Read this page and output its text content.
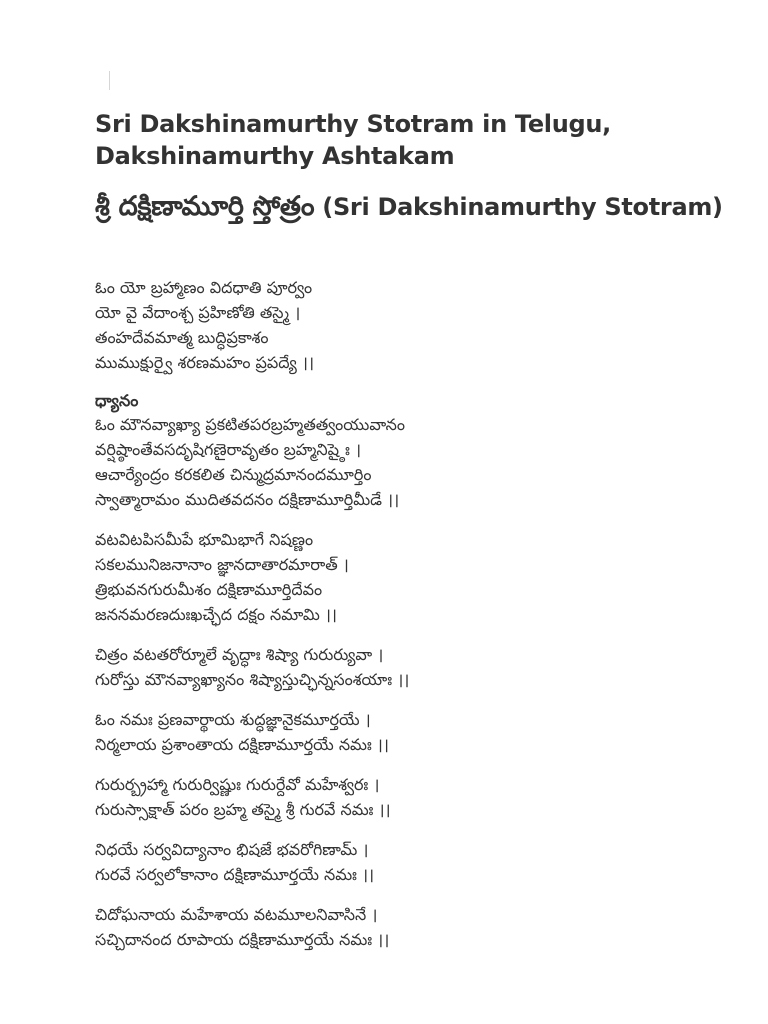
Sri Dakshinamurthy Stotram in Telugu, Dakshinamurthy Ashtakam
శ్రీ దక్షిణామూర్తి స్తోత్రం (Sri Dakshinamurthy Stotram)
ఓం యో బ్రహ్మాణం విదధాతి పూర్వం
యో వై వేదాంశ్చ ప్రహిణోతి తస్మై ।
తంహదేవమాత్మ బుద్ధిప్రకాశం
ముముక్షుర్వై శరణమహం ప్రపద్యే ।।
ధ్యానం
ఓం మౌనవ్యాఖ్యా ప్రకటితపరబ్రహ్మతత్వంయువానం
వర్షిష్ఠాంతేవసదృషిగణైరావృతం బ్రహ్మనిష్ఠైః ।
ఆచార్యేంద్రం కరకలిత చిన్ముద్రమానందమూర్తిం
స్వాత్మారామం ముదితవదనం దక్షిణామూర్తిమీడే ।।
వటవిటపిసమీపే భూమిభాగే నిషణ్ణం
సకలమునిజనానాం జ్ఞానదాతారమారాత్ ।
త్రిభువనగురుమీశం దక్షిణామూర్తిదేవం
జననమరణదుఃఖచ్ఛేద దక్షం నమామి ।।
చిత్రం వటతరోర్మూలే వృద్ధాః శిష్యా గురుర్యువా ।
గురోస్తు మౌనవ్యాఖ్యానం శిష్యాస్తుచ్ఛిన్నసంశయాః ।।
ఓం నమః ప్రణవార్థాయ శుద్ధజ్ఞానైకమూర్తయే ।
నిర్మలాయ ప్రశాంతాయ దక్షిణామూర్తయే నమః ।।
గురుర్బ్రహ్మా గురుర్విష్ణుః గురుర్దేవో మహేశ్వరః ।
గురుస్సాక్షాత్ పరం బ్రహ్మ తస్మై శ్రీ గురవే నమః ।।
నిధయే సర్వవిద్యానాం భిషజే భవరోగిణామ్ ।
గురవే సర్వలోకానాం దక్షిణామూర్తయే నమః ।।
చిదోఘనాయ మహేశాయ వటమూలనివాసినే ।
సచ్చిదానంద రూపాయ దక్షిణామూర్తయే నమః ।।
